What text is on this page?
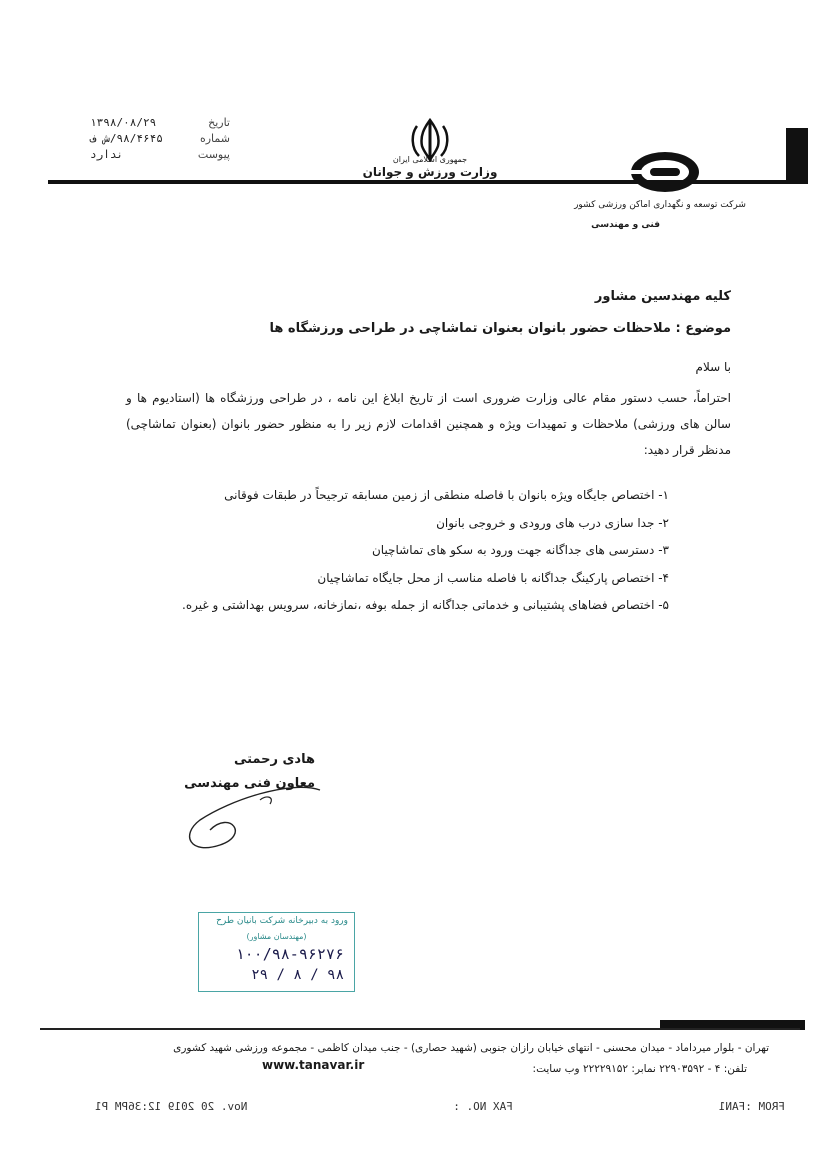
تاریخ
۱۳۹۸/۰۸/۲۹
شماره
۹۸/۴۶۴۵/ش ف
پیوست
ندارد	جمهوری اسلامی ایران
وزارت ورزش و جوانان
شرکت توسعه و نگهداری اماکن ورزشی کشور
فنی و مهندسی
کلیه مهندسین مشاور
موضوع : ملاحظات حضور بانوان بعنوان تماشاچی در طراحی ورزشگاه ها
با سلام
احتراماً، حسب دستور مقام عالی وزارت ضروری است از تاریخ ابلاغ این نامه ، در طراحی ورزشگاه ها (استادیوم ها و سالن های ورزشی) ملاحظات و تمهیدات ویژه و همچنین اقدامات لازم زیر را به منظور حضور بانوان (بعنوان تماشاچی) مدنظر قرار دهید:
۱- اختصاص جایگاه ویژه بانوان با فاصله منطقی از زمین مسابقه ترجیحاً در طبقات فوقانی
۲- جدا سازی درب های ورودی و خروجی بانوان
۳- دسترسی های جداگانه جهت ورود به سکو های تماشاچیان
۴- اختصاص پارکینگ جداگانه با فاصله مناسب از محل جایگاه تماشاچیان
۵- اختصاص فضاهای پشتیبانی و خدماتی جداگانه از جمله بوفه ،نمازخانه، سرویس بهداشتی و غیره.
هادی رحمتی
معاون فنی مهندسی
ورود به دبیرخانه شرکت بانیان طرح
(مهندسان مشاور)
۱۰۰/۹۸-۹۶۲۷۶
۹۸ / ۸ / ۲۹
تهران - بلوار میرداماد - میدان محسنی - انتهای خیابان رازان جنوبی (شهید حصاری) - جنب میدان کاظمی - مجموعه ورزشی شهید کشوری
تلفن: ۴ - ۲۲۹۰۳۵۹۲ نمابر: ۲۲۲۲۹۱۵۲ وب سایت:
www.tanavar.ir
FROM :FAN1
FAX NO. :
Nov. 20 2019 12:36PM P1
